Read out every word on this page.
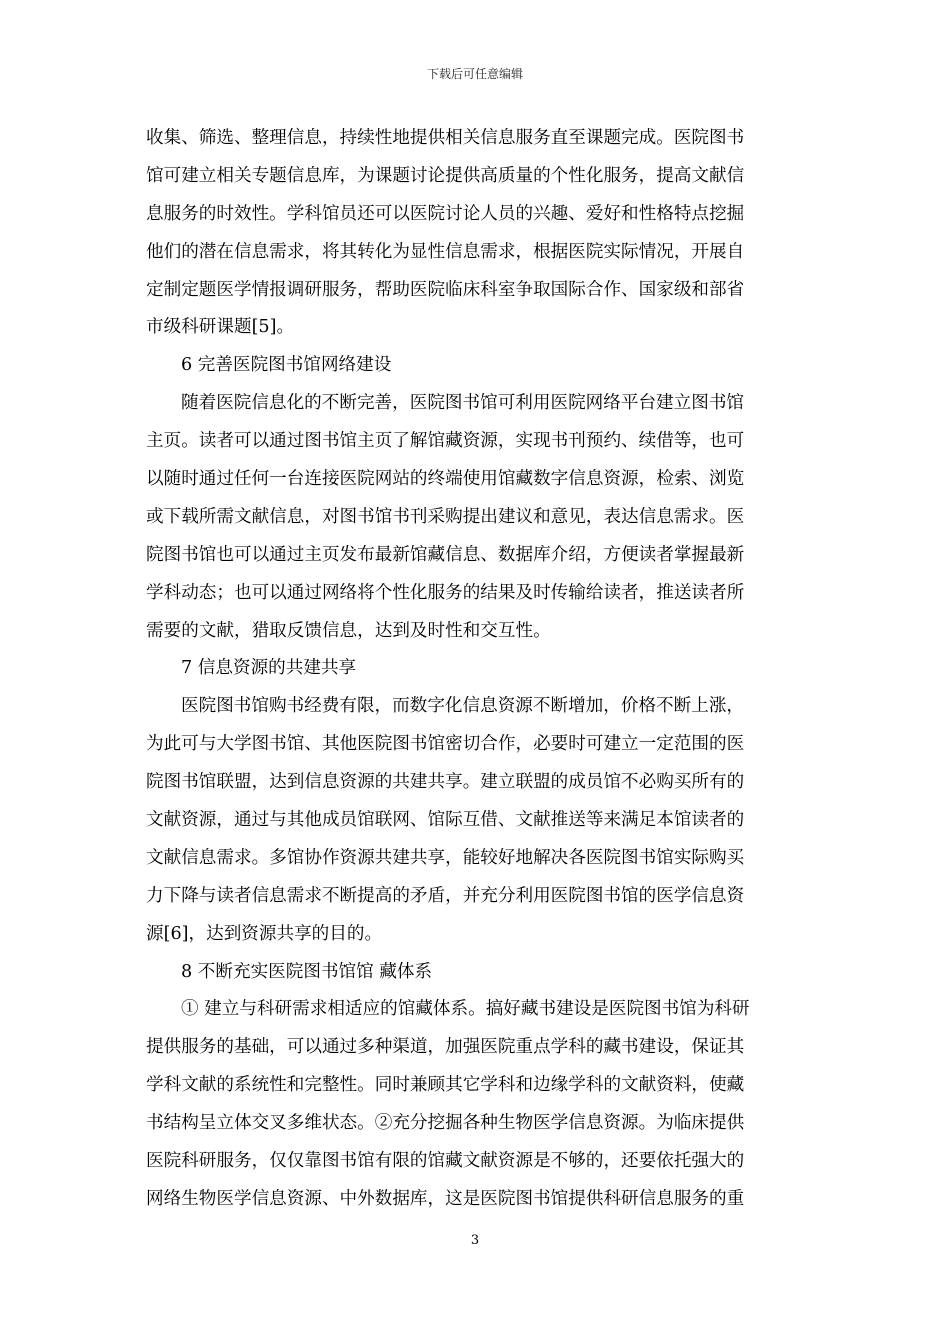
下载后可任意编辑
收集、筛选、整理信息，持续性地提供相关信息服务直至课题完成。医院图书
馆可建立相关专题信息库，为课题讨论提供高质量的个性化服务，提高文献信
息服务的时效性。学科馆员还可以医院讨论人员的兴趣、爱好和性格特点挖掘
他们的潜在信息需求，将其转化为显性信息需求，根据医院实际情况，开展自
定制定题医学情报调研服务，帮助医院临床科室争取国际合作、国家级和部省
市级科研课题[5]。
6 完善医院图书馆网络建设
随着医院信息化的不断完善，医院图书馆可利用医院网络平台建立图书馆
主页。读者可以通过图书馆主页了解馆藏资源，实现书刊预约、续借等，也可
以随时通过任何一台连接医院网站的终端使用馆藏数字信息资源，检索、浏览
或下载所需文献信息，对图书馆书刊采购提出建议和意见，表达信息需求。医
院图书馆也可以通过主页发布最新馆藏信息、数据库介绍，方便读者掌握最新
学科动态；也可以通过网络将个性化服务的结果及时传输给读者，推送读者所
需要的文献，猎取反馈信息，达到及时性和交互性。
7 信息资源的共建共享
医院图书馆购书经费有限，而数字化信息资源不断增加，价格不断上涨，
为此可与大学图书馆、其他医院图书馆密切合作，必要时可建立一定范围的医
院图书馆联盟，达到信息资源的共建共享。建立联盟的成员馆不必购买所有的
文献资源，通过与其他成员馆联网、馆际互借、文献推送等来满足本馆读者的
文献信息需求。多馆协作资源共建共享，能较好地解决各医院图书馆实际购买
力下降与读者信息需求不断提高的矛盾，并充分利用医院图书馆的医学信息资
源[6]，达到资源共享的目的。
8 不断充实医院图书馆馆 藏体系
① 建立与科研需求相适应的馆藏体系。搞好藏书建设是医院图书馆为科研
提供服务的基础，可以通过多种渠道，加强医院重点学科的藏书建设，保证其
学科文献的系统性和完整性。同时兼顾其它学科和边缘学科的文献资料，使藏
书结构呈立体交叉多维状态。②充分挖掘各种生物医学信息资源。为临床提供
医院科研服务，仅仅靠图书馆有限的馆藏文献资源是不够的，还要依托强大的
网络生物医学信息资源、中外数据库，这是医院图书馆提供科研信息服务的重
3
